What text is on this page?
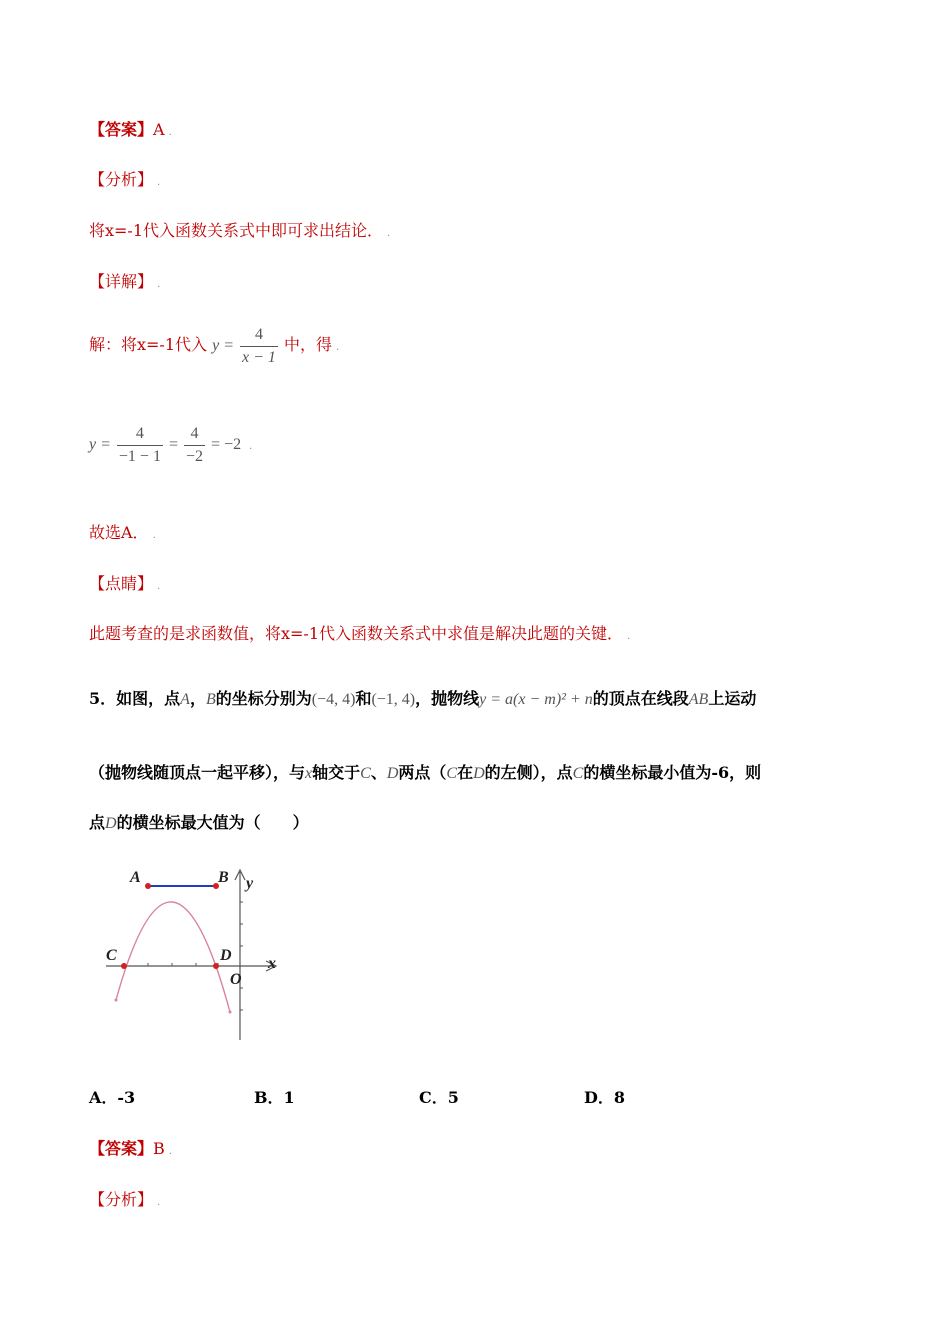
【答案】A .
【分析】 .
将x=-1代入函数关系式中即可求出结论． .
【详解】 .
解：将x=-1代入 $y = \frac{4}{x - 1}$ 中，得 .
$y = \frac{4}{-1 - 1} = \frac{4}{-2} = -2$ .
故选A． .
【点睛】 .
此题考查的是求函数值，将x=-1代入函数关系式中求值是解决此题的关键． .
5．如图，点A，B的坐标分别为(−4, 4)和(−1, 4)，抛物线y = a(x − m)² + n的顶点在线段AB上运动
（抛物线随顶点一起平移），与x轴交于C、D两点（C在D的左侧），点C的横坐标最小值为-6，则
点D的横坐标最大值为（　　）
A	B y
C	D x
O
A．-3	B．1	C．5	D．8
【答案】B .
【分析】 .
